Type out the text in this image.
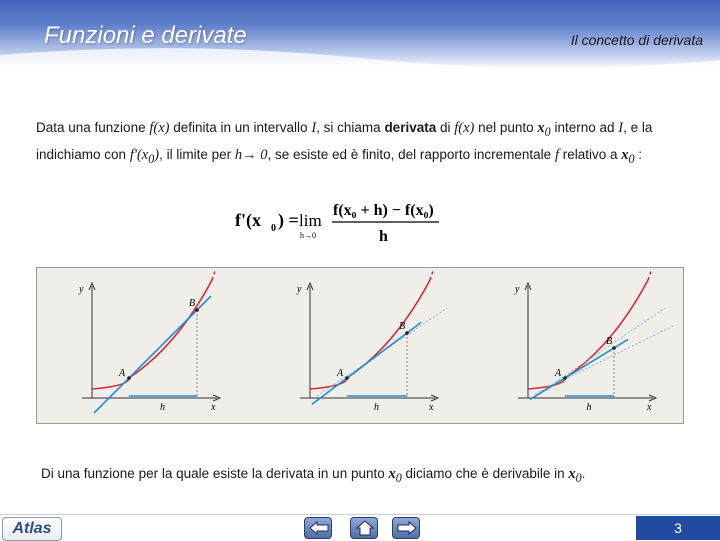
Funzioni e derivate	Il concetto di derivata
Data una funzione f(x) definita in un intervallo I, si chiama derivata di f(x) nel punto $x_0$ interno ad I, e la
indichiamo con $f'(x_0)$, il limite per h→ 0, se esiste ed è finito, del rapporto incrementale f relativo a $x_0$ :
f'(x 0 ) = lim
h→0
f(x₀ + h) − f(x₀)
h
y
x
A
B
h
y
x
A
B
h
y
x
A
B
h
Di una funzione per la quale esiste la derivata in un punto $x_0$ diciamo che è derivabile in $x_0$.
Atlas	3
